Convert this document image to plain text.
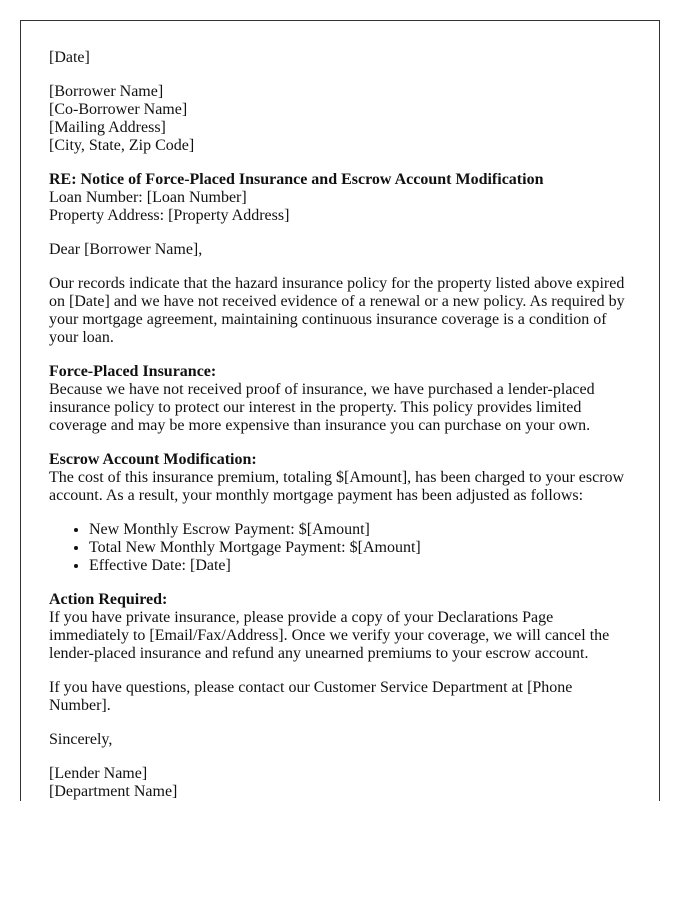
[Date]

[Borrower Name]
[Co-Borrower Name]
[Mailing Address]
[City, State, Zip Code]
RE: Notice of Force-Placed Insurance and Escrow Account Modification
Loan Number: [Loan Number]
Property Address: [Property Address]

Dear [Borrower Name],

Our records indicate that the hazard insurance policy for the property listed above expired on [Date] and we have not received evidence of a renewal or a new policy. As required by your mortgage agreement, maintaining continuous insurance coverage is a condition of your loan.

Force-Placed Insurance:
Because we have not received proof of insurance, we have purchased a lender-placed insurance policy to protect our interest in the property. This policy provides limited coverage and may be more expensive than insurance you can purchase on your own.
Escrow Account Modification:
The cost of this insurance premium, totaling $[Amount], has been charged to your escrow account. As a result, your monthly mortgage payment has been adjusted as follows:
• New Monthly Escrow Payment: $[Amount]
• Total New Monthly Mortgage Payment: $[Amount]
• Effective Date: [Date]
Action Required:
If you have private insurance, please provide a copy of your Declarations Page immediately to [Email/Fax/Address]. Once we verify your coverage, we will cancel the lender-placed insurance and refund any unearned premiums to your escrow account.

If you have questions, please contact our Customer Service Department at [Phone Number].

Sincerely,

[Lender Name]
[Department Name]
